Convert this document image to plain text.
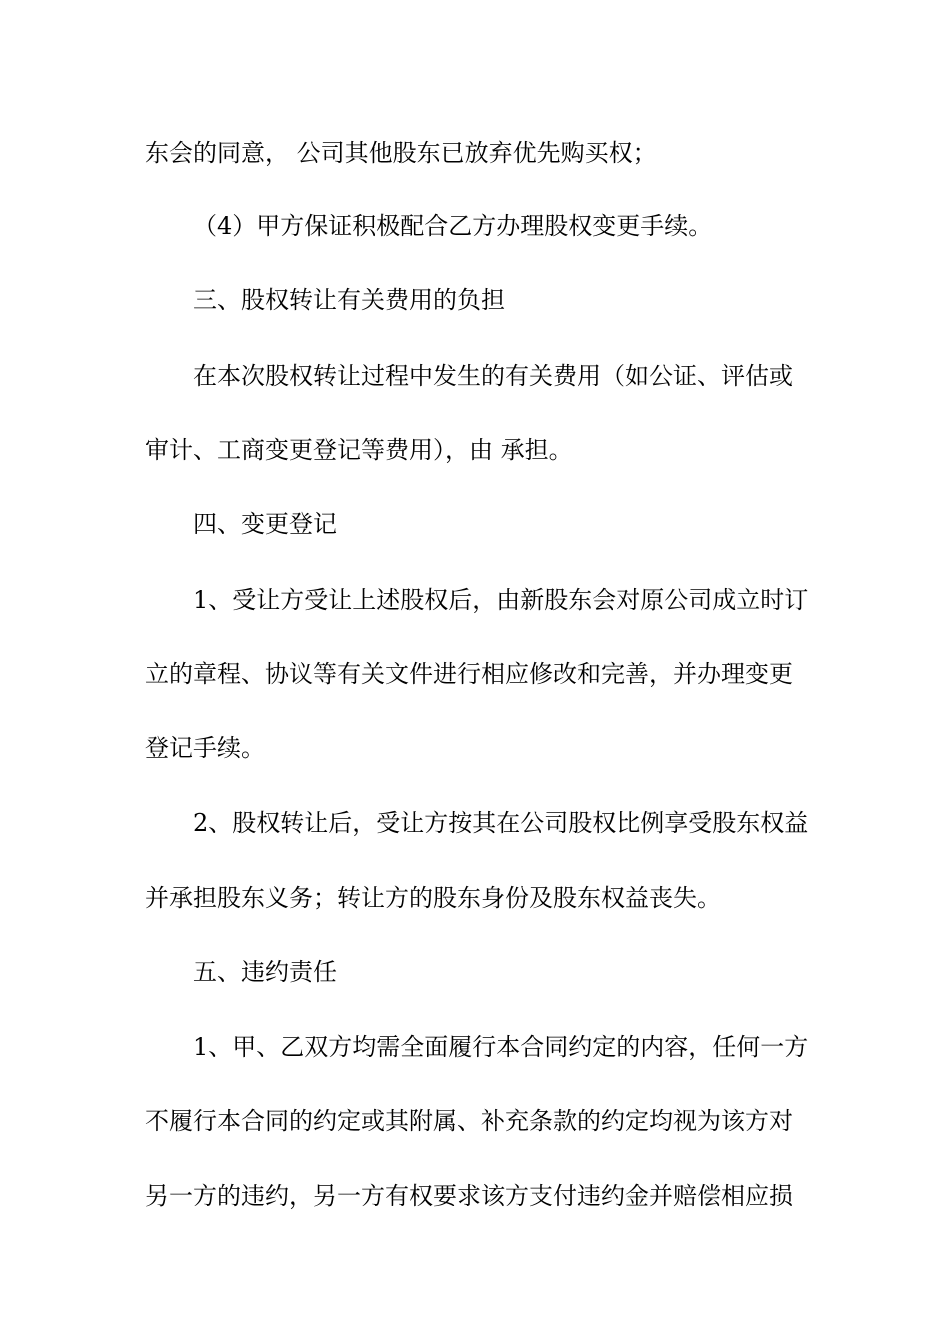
东会的同意， 公司其他股东已放弃优先购买权；
（4）甲方保证积极配合乙方办理股权变更手续。
三、股权转让有关费用的负担
在本次股权转让过程中发生的有关费用（如公证、评估或
审计、工商变更登记等费用），由 承担。
四、变更登记
1、受让方受让上述股权后，由新股东会对原公司成立时订
立的章程、协议等有关文件进行相应修改和完善，并办理变更
登记手续。
2、股权转让后，受让方按其在公司股权比例享受股东权益
并承担股东义务；转让方的股东身份及股东权益丧失。
五、违约责任
1、甲、乙双方均需全面履行本合同约定的内容，任何一方
不履行本合同的约定或其附属、补充条款的约定均视为该方对
另一方的违约，另一方有权要求该方支付违约金并赔偿相应损
